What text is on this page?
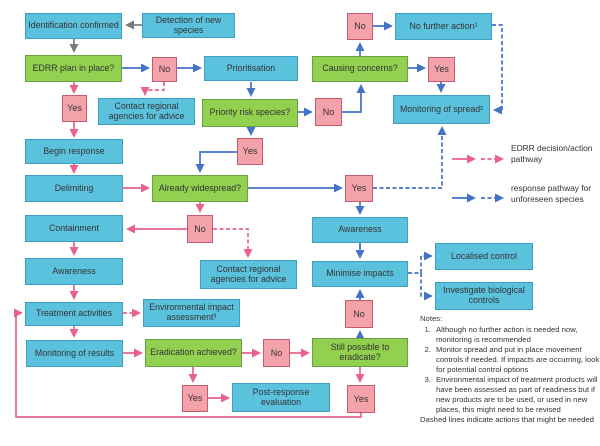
Identification confirmed
Detection of new species	No further action¹
Prioritisation
Contact regional agencies for advice
Monitoring of spread²
Begin response
Delimiting
Containment
Awareness	Contact regional agencies for advice
Awareness
Minimise impacts
Localised control
Investigate biological controls
Treatment activities
Environmental impact assessment³
Monitoring of results
Post-response evaluation
EDRR plan in place?
Priority risk species?
Causing concerns?
Already widespread?
Eradication achieved?
Still possible to eradicate?
No
Yes
No
Yes
No
Yes
Yes
No
No
Yes
No
Yes
EDRR decision/action pathway
response pathway for unforeseen species
Notes:
1. Although no further action is needed now, monitoring is recommended
2. Monitor spread and put in place movement controls if needed. If impacts are occurring, look for potential control options
3. Environmental impact of treatment products will have been assessed as part of readiness but if new products are to be used, or used in new places, this might need to be revised
Dashed lines indicate actions that might be needed
